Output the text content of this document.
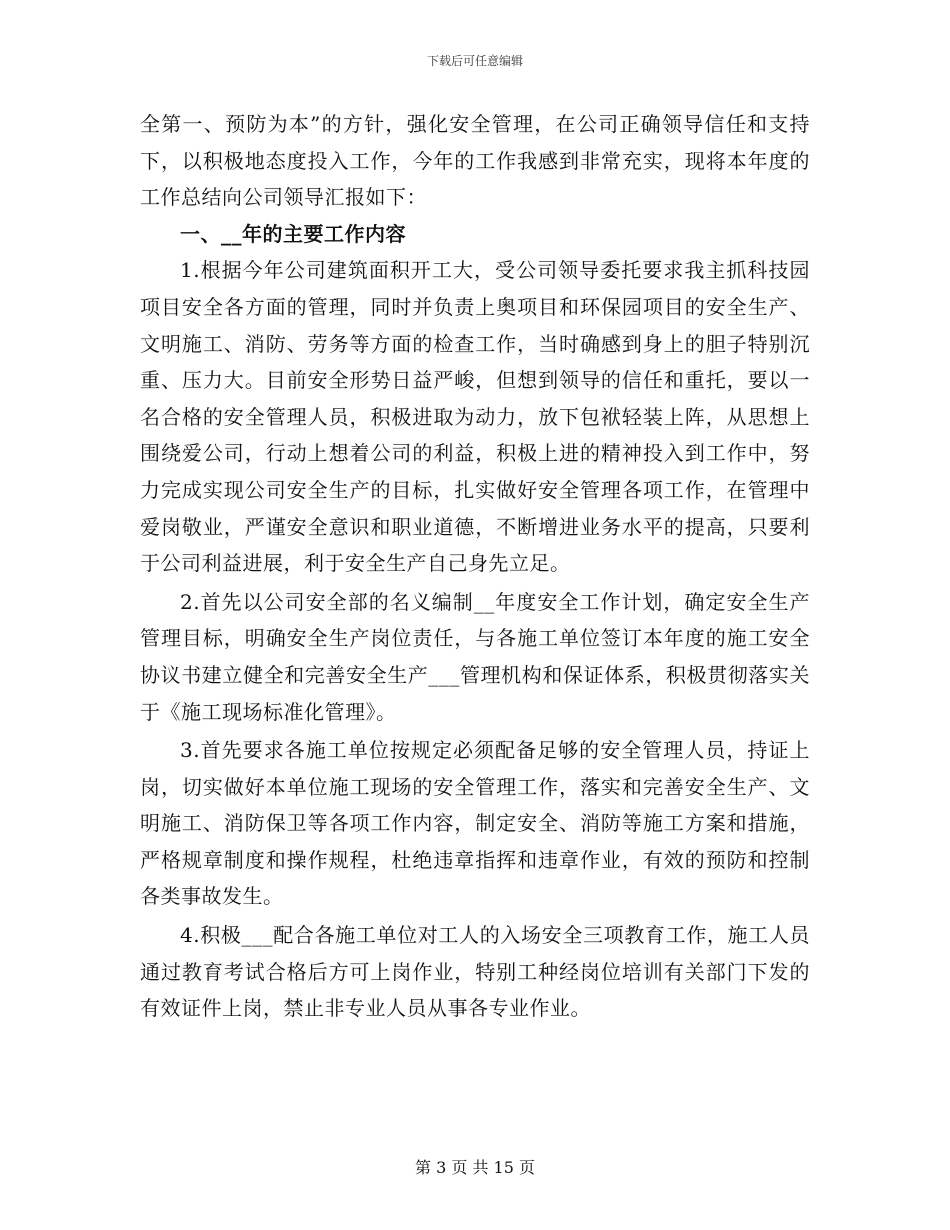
下载后可任意编辑

全第一、预防为本”的方针，强化安全管理，在公司正确领导信任和支持下，以积极地态度投入工作，今年的工作我感到非常充实，现将本年度的工作总结向公司领导汇报如下：

一、__年的主要工作内容

1.根据今年公司建筑面积开工大，受公司领导委托要求我主抓科技园项目安全各方面的管理，同时并负责上奥项目和环保园项目的安全生产、文明施工、消防、劳务等方面的检查工作，当时确感到身上的胆子特别沉重、压力大。目前安全形势日益严峻，但想到领导的信任和重托，要以一名合格的安全管理人员，积极进取为动力，放下包袱轻装上阵，从思想上围绕爱公司，行动上想着公司的利益，积极上进的精神投入到工作中，努力完成实现公司安全生产的目标，扎实做好安全管理各项工作，在管理中爱岗敬业，严谨安全意识和职业道德，不断增进业务水平的提高，只要利于公司利益进展，利于安全生产自己身先立足。

2.首先以公司安全部的名义编制__年度安全工作计划，确定安全生产管理目标，明确安全生产岗位责任，与各施工单位签订本年度的施工安全协议书建立健全和完善安全生产___管理机构和保证体系，积极贯彻落实关于《施工现场标准化管理》。

3.首先要求各施工单位按规定必须配备足够的安全管理人员，持证上岗，切实做好本单位施工现场的安全管理工作，落实和完善安全生产、文明施工、消防保卫等各项工作内容，制定安全、消防等施工方案和措施，严格规章制度和操作规程，杜绝违章指挥和违章作业，有效的预防和控制各类事故发生。

4.积极___配合各施工单位对工人的入场安全三项教育工作，施工人员通过教育考试合格后方可上岗作业，特别工种经岗位培训有关部门下发的有效证件上岗，禁止非专业人员从事各专业作业。

第 3 页 共 15 页
